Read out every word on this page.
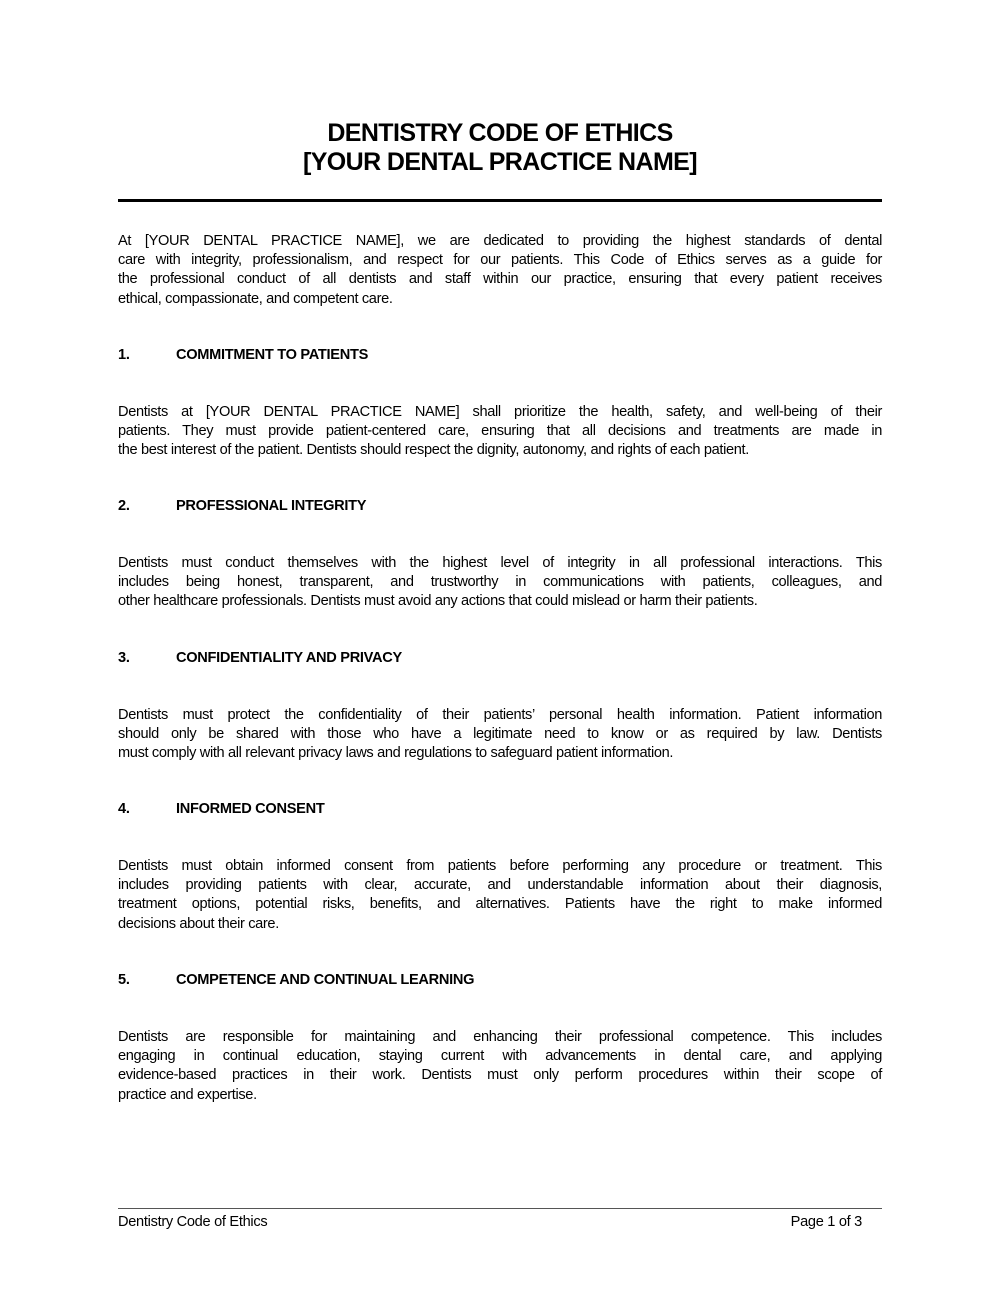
DENTISTRY CODE OF ETHICS
[YOUR DENTAL PRACTICE NAME]
At [YOUR DENTAL PRACTICE NAME], we are dedicated to providing the highest standards of dental
care with integrity, professionalism, and respect for our patients. This Code of Ethics serves as a guide for
the professional conduct of all dentists and staff within our practice, ensuring that every patient receives
ethical, compassionate, and competent care.
1.	COMMITMENT TO PATIENTS
Dentists at [YOUR DENTAL PRACTICE NAME] shall prioritize the health, safety, and well-being of their
patients. They must provide patient-centered care, ensuring that all decisions and treatments are made in
the best interest of the patient. Dentists should respect the dignity, autonomy, and rights of each patient.
2.	PROFESSIONAL INTEGRITY
Dentists must conduct themselves with the highest level of integrity in all professional interactions. This
includes being honest, transparent, and trustworthy in communications with patients, colleagues, and
other healthcare professionals. Dentists must avoid any actions that could mislead or harm their patients.
3.	CONFIDENTIALITY AND PRIVACY
Dentists must protect the confidentiality of their patients’ personal health information. Patient information
should only be shared with those who have a legitimate need to know or as required by law. Dentists
must comply with all relevant privacy laws and regulations to safeguard patient information.
4.	INFORMED CONSENT
Dentists must obtain informed consent from patients before performing any procedure or treatment. This
includes providing patients with clear, accurate, and understandable information about their diagnosis,
treatment options, potential risks, benefits, and alternatives. Patients have the right to make informed
decisions about their care.
5.	COMPETENCE AND CONTINUAL LEARNING
Dentists are responsible for maintaining and enhancing their professional competence. This includes
engaging in continual education, staying current with advancements in dental care, and applying
evidence-based practices in their work. Dentists must only perform procedures within their scope of
practice and expertise.
Dentistry Code of Ethics	Page 1 of 3
